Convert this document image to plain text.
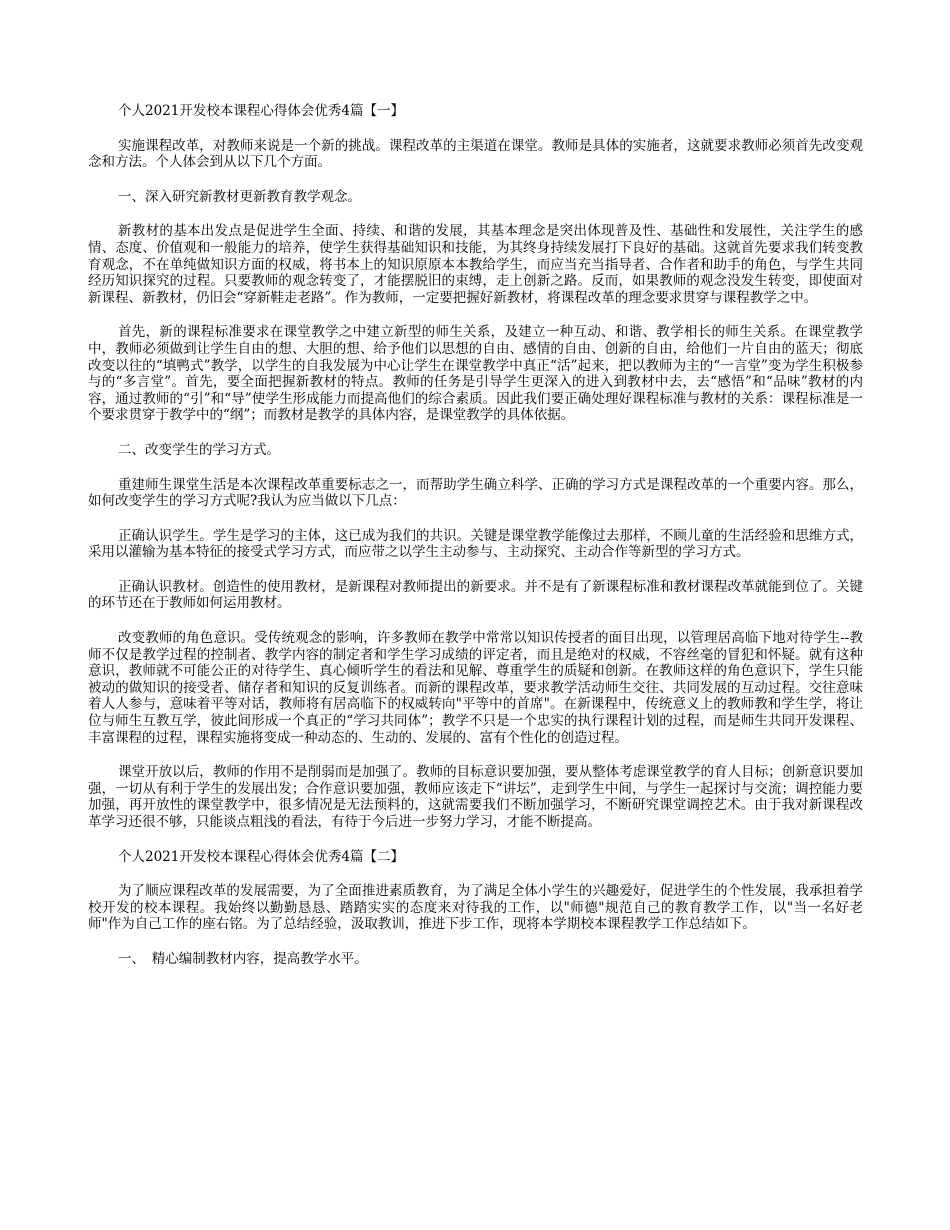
个人2021开发校本课程心得体会优秀4篇【一】

实施课程改革，对教师来说是一个新的挑战。课程改革的主渠道在课堂。教师是具体的实施者，这就要求教师必须首先改变观念和方法。个人体会到从以下几个方面。

一、深入研究新教材更新教育教学观念。

新教材的基本出发点是促进学生全面、持续、和谐的发展，其基本理念是突出体现普及性、基础性和发展性，关注学生的感情、态度、价值观和一般能力的培养，使学生获得基础知识和技能，为其终身持续发展打下良好的基础。这就首先要求我们转变教育观念，不在单纯做知识方面的权威，将书本上的知识原原本本教给学生，而应当充当指导者、合作者和助手的角色，与学生共同经历知识探究的过程。只要教师的观念转变了，才能摆脱旧的束缚，走上创新之路。反而，如果教师的观念没发生转变，即使面对新课程、新教材，仍旧会“穿新鞋走老路”。作为教师，一定要把握好新教材，将课程改革的理念要求贯穿与课程教学之中。

首先，新的课程标准要求在课堂教学之中建立新型的师生关系，及建立一种互动、和谐、教学相长的师生关系。在课堂教学中，教师必须做到让学生自由的想、大胆的想、给予他们以思想的自由、感情的自由、创新的自由，给他们一片自由的蓝天；彻底改变以往的“填鸭式”教学，以学生的自我发展为中心让学生在课堂教学中真正“活”起来，把以教师为主的“一言堂”变为学生积极参与的“多言堂”。首先，要全面把握新教材的特点。教师的任务是引导学生更深入的进入到教材中去，去“感悟”和“品味”教材的内容，通过教师的“引”和“导”使学生形成能力而提高他们的综合素质。因此我们要正确处理好课程标准与教材的关系：课程标准是一个要求贯穿于教学中的“纲”；而教材是教学的具体内容，是课堂教学的具体依据。

二、改变学生的学习方式。

重建师生课堂生活是本次课程改革重要标志之一，而帮助学生确立科学、正确的学习方式是课程改革的一个重要内容。那么，如何改变学生的学习方式呢?我认为应当做以下几点：

正确认识学生。学生是学习的主体，这已成为我们的共识。关键是课堂教学能像过去那样，不顾儿童的生活经验和思维方式，采用以灌输为基本特征的接受式学习方式，而应带之以学生主动参与、主动探究、主动合作等新型的学习方式。

正确认识教材。创造性的使用教材，是新课程对教师提出的新要求。并不是有了新课程标准和教材课程改革就能到位了。关键的环节还在于教师如何运用教材。

改变教师的角色意识。受传统观念的影响，许多教师在教学中常常以知识传授者的面目出现，以管理居高临下地对待学生--教师不仅是教学过程的控制者、教学内容的制定者和学生学习成绩的评定者，而且是绝对的权威，不容丝毫的冒犯和怀疑。就有这种意识，教师就不可能公正的对待学生、真心倾听学生的看法和见解、尊重学生的质疑和创新。在教师这样的角色意识下，学生只能被动的做知识的接受者、储存者和知识的反复训练者。而新的课程改革，要求教学活动师生交往、共同发展的互动过程。交往意味着人人参与，意味着平等对话，教师将有居高临下的权威转向"平等中的首席"。在新课程中，传统意义上的教师教和学生学，将让位与师生互教互学，彼此间形成一个真正的“学习共同体”；教学不只是一个忠实的执行课程计划的过程，而是师生共同开发课程、丰富课程的过程，课程实施将变成一种动态的、生动的、发展的、富有个性化的创造过程。

课堂开放以后，教师的作用不是削弱而是加强了。教师的目标意识要加强，要从整体考虑课堂教学的育人目标；创新意识要加强，一切从有利于学生的发展出发；合作意识要加强，教师应该走下“讲坛”，走到学生中间，与学生一起探讨与交流；调控能力要加强，再开放性的课堂教学中，很多情况是无法预料的，这就需要我们不断加强学习，不断研究课堂调控艺术。由于我对新课程改革学习还很不够，只能谈点粗浅的看法，有待于今后进一步努力学习，才能不断提高。

个人2021开发校本课程心得体会优秀4篇【二】

为了顺应课程改革的发展需要，为了全面推进素质教育，为了满足全体小学生的兴趣爱好，促进学生的个性发展，我承担着学校开发的校本课程。我始终以勤勤恳恳、踏踏实实的态度来对待我的工作，以"师德"规范自己的教育教学工作，以"当一名好老师"作为自己工作的座右铭。为了总结经验，汲取教训，推进下步工作，现将本学期校本课程教学工作总结如下。

一、　精心编制教材内容，提高教学水平。
